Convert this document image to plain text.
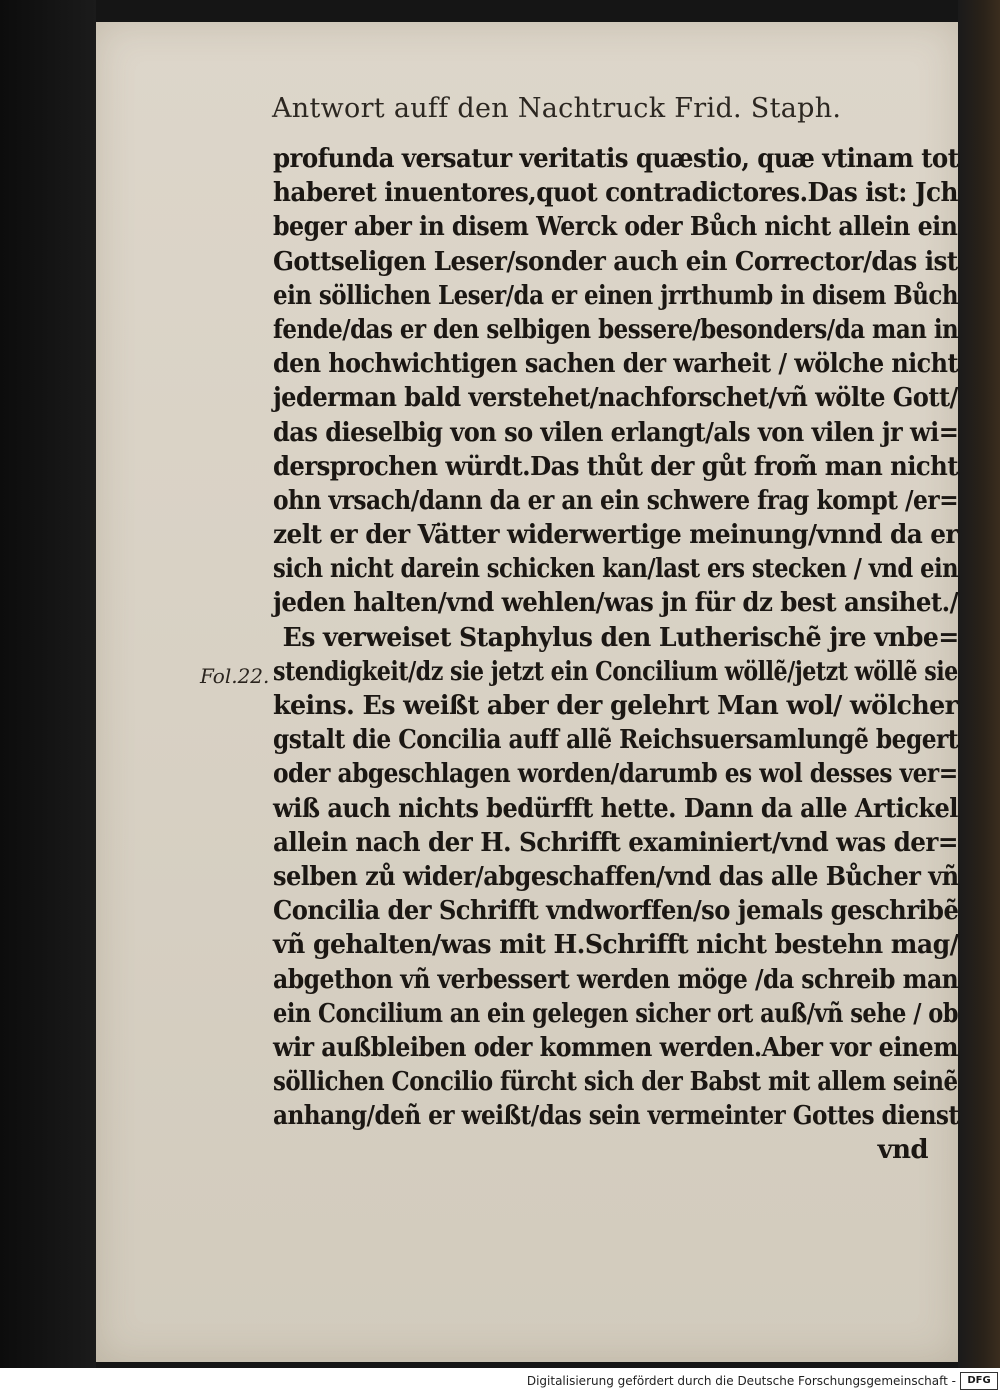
Antwort auff den Nachtruck Frid. Staph.
Fol.22.
profunda versatur veritatis quæstio, quæ vtinam tot
haberet inuentores,quot contradictores.Das ist: Jch
beger aber in disem Werck oder Bůch nicht allein ein
Gottseligen Leser/sonder auch ein Corrector/das ist
ein söllichen Leser/da er einen jrrthumb in disem Bůch
fende/das er den selbigen bessere/besonders/da man in
den hochwichtigen sachen der warheit / wölche nicht
jederman bald verstehet/nachforschet/vñ wölte Gott/
das dieselbig von so vilen erlangt/als von vilen jr wi=
dersprochen würdt.Das thůt der gůt from̃ man nicht
ohn vrsach/dann da er an ein schwere frag kompt /er=
zelt er der Vätter widerwertige meinung/vnnd da er
sich nicht darein schicken kan/last ers stecken / vnd ein
jeden halten/vnd wehlen/was jn für dz best ansihet./
Es verweiset Staphylus den Lutherischẽ jre vnbe=
stendigkeit/dz sie jetzt ein Concilium wöllẽ/jetzt wöllẽ sie
keins. Es weißt aber der gelehrt Man wol/ wölcher
gstalt die Concilia auff allẽ Reichsuersamlungẽ begert
oder abgeschlagen worden/darumb es wol desses ver=
wiß auch nichts bedürfft hette. Dann da alle Artickel
allein nach der H. Schrifft examiniert/vnd was der=
selben zů wider/abgeschaffen/vnd das alle Bůcher vñ
Concilia der Schrifft vndworffen/so jemals geschribẽ
vñ gehalten/was mit H.Schrifft nicht bestehn mag/
abgethon vñ verbessert werden möge /da schreib man
ein Concilium an ein gelegen sicher ort auß/vñ sehe / ob
wir außbleiben oder kommen werden.Aber vor einem
söllichen Concilio fürcht sich der Babst mit allem seinẽ
anhang/deñ er weißt/das sein vermeinter Gottes dienst
vnd
Digitalisierung gefördert durch die Deutsche Forschungsgemeinschaft -	DFG
